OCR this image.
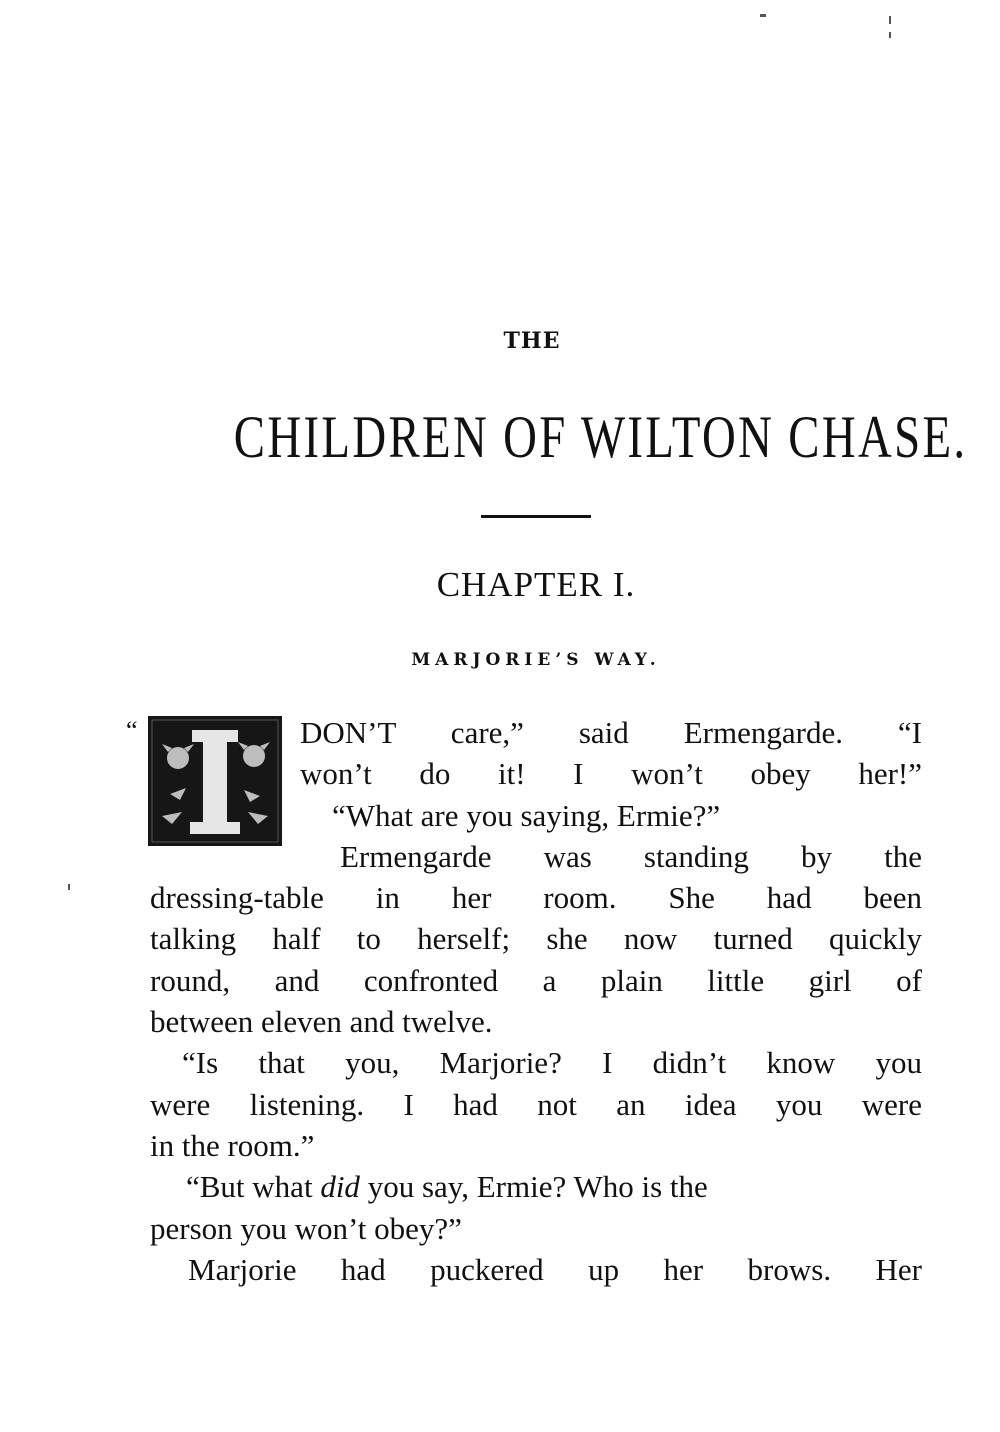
THE
CHILDREN OF WILTON CHASE.
CHAPTER I.
MARJORIE’S WAY.
“	DON’T care,” said Ermengarde. “I
won’t do it! I won’t obey her!”
“What are you saying, Ermie?”
Ermengarde was standing by the
dressing-table in her room. She had been
talking half to herself; she now turned quickly
round, and confronted a plain little girl of
between eleven and twelve.
“Is that you, Marjorie? I didn’t know you
were listening. I had not an idea you were
in the room.”
“But what did you say, Ermie? Who is the
person you won’t obey?”
Marjorie had puckered up her brows. Her
